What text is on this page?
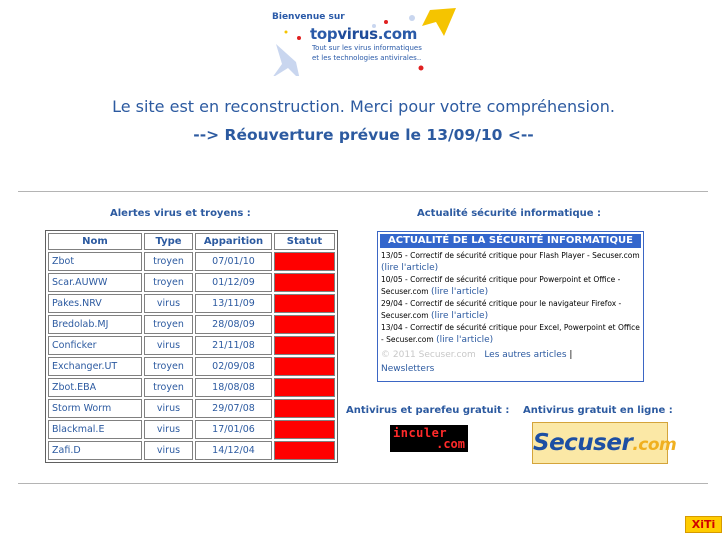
Bienvenue sur
topvirus.com
Tout sur les virus informatiques
et les technologies antivirales..
Le site est en reconstruction. Merci pour votre compréhension.
--> Réouverture prévue le 13/09/10 <--
Alertes virus et troyens :
Nom	Type	Apparition	Statut
Zbot	troyen	07/01/10	
Scar.AUWW	troyen	01/12/09	
Pakes.NRV	virus	13/11/09	
Bredolab.MJ	troyen	28/08/09	
Conficker	virus	21/11/08	
Exchanger.UT	troyen	02/09/08	
Zbot.EBA	troyen	18/08/08	
Storm Worm	virus	29/07/08	
Blackmal.E	virus	17/01/06	
Zafi.D	virus	14/12/04	
Actualité sécurité informatique :
ACTUALITÉ DE LA SÉCURITÉ INFORMATIQUE
13/05 - Correctif de sécurité critique pour Flash Player - Secuser.com (lire l'article)
10/05 - Correctif de sécurité critique pour Powerpoint et Office - Secuser.com (lire l'article)
29/04 - Correctif de sécurité critique pour le navigateur Firefox - Secuser.com (lire l'article)
13/04 - Correctif de sécurité critique pour Excel, Powerpoint et Office - Secuser.com (lire l'article)
© 2011 Secuser.com Les autres articles |
Newsletters
Antivirus et parefeu gratuit : Antivirus gratuit en ligne :
inculer
.com	Secuser.com
XiTi
